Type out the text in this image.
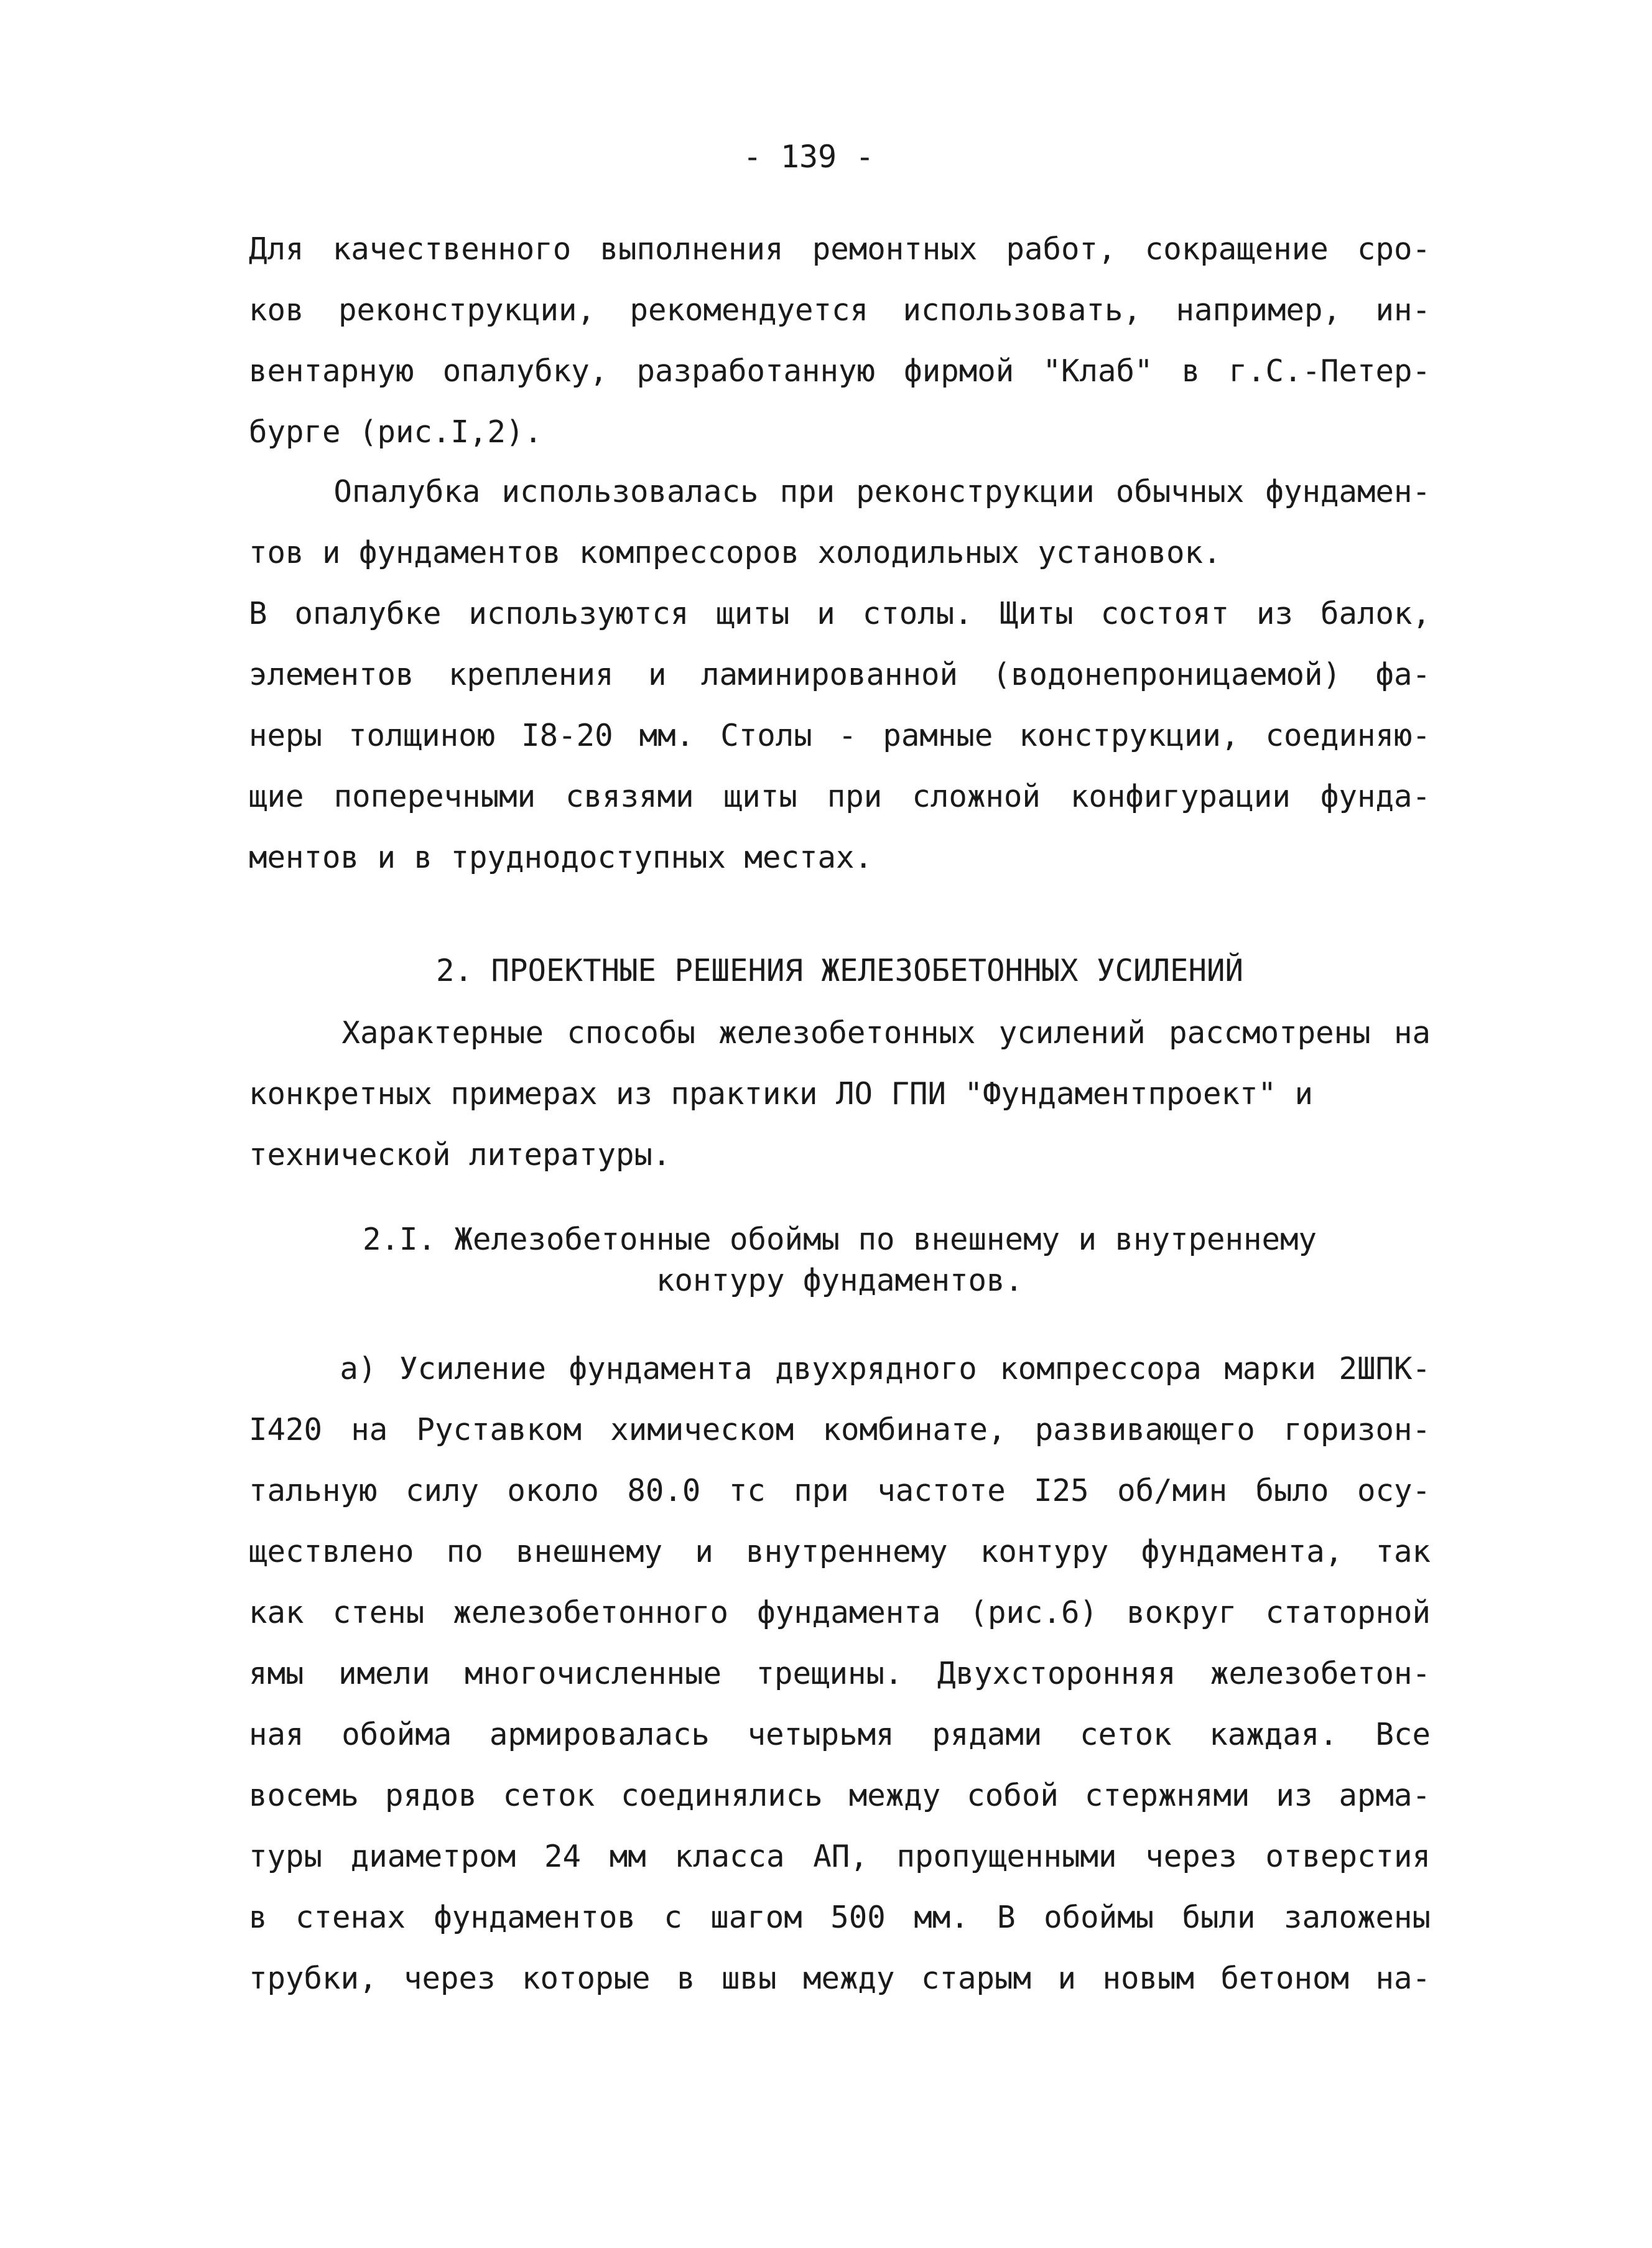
- 139 -
Для качественного выполнения ремонтных работ, сокращение сро-
ков реконструкции, рекомендуется использовать, например, ин-
вентарную опалубку, разработанную фирмой "Клаб" в г.С.-Петер-
бурге (рис.I,2).
Опалубка использовалась при реконструкции обычных фундамен-
тов и фундаментов компрессоров холодильных установок.
В опалубке используются щиты и столы. Щиты состоят из балок,
элементов крепления и ламинированной (водонепроницаемой) фа-
неры толщиною I8-20 мм. Столы - рамные конструкции, соединяю-
щие поперечными связями щиты при сложной конфигурации фунда-
ментов и в труднодоступных местах.
2. ПРОЕКТНЫЕ РЕШЕНИЯ ЖЕЛЕЗОБЕТОННЫХ УСИЛЕНИЙ
Характерные способы железобетонных усилений рассмотрены на
конкретных примерах из практики ЛО ГПИ "Фундаментпроект" и
технической литературы.
2.I. Железобетонные обоймы по внешнему и внутреннему
контуру фундаментов.
а) Усиление фундамента двухрядного компрессора марки 2ШПК-
I420 на Руставком химическом комбинате, развивающего горизон-
тальную силу около 80.0 тс при частоте I25 об/мин было осу-
ществлено по внешнему и внутреннему контуру фундамента, так
как стены железобетонного фундамента (рис.6) вокруг статорной
ямы имели многочисленные трещины. Двухсторонняя железобетон-
ная обойма армировалась четырьмя рядами сеток каждая. Все
восемь рядов сеток соединялись между собой стержнями из арма-
туры диаметром 24 мм класса АП, пропущенными через отверстия
в стенах фундаментов с шагом 500 мм. В обоймы были заложены
трубки, через которые в швы между старым и новым бетоном на-
